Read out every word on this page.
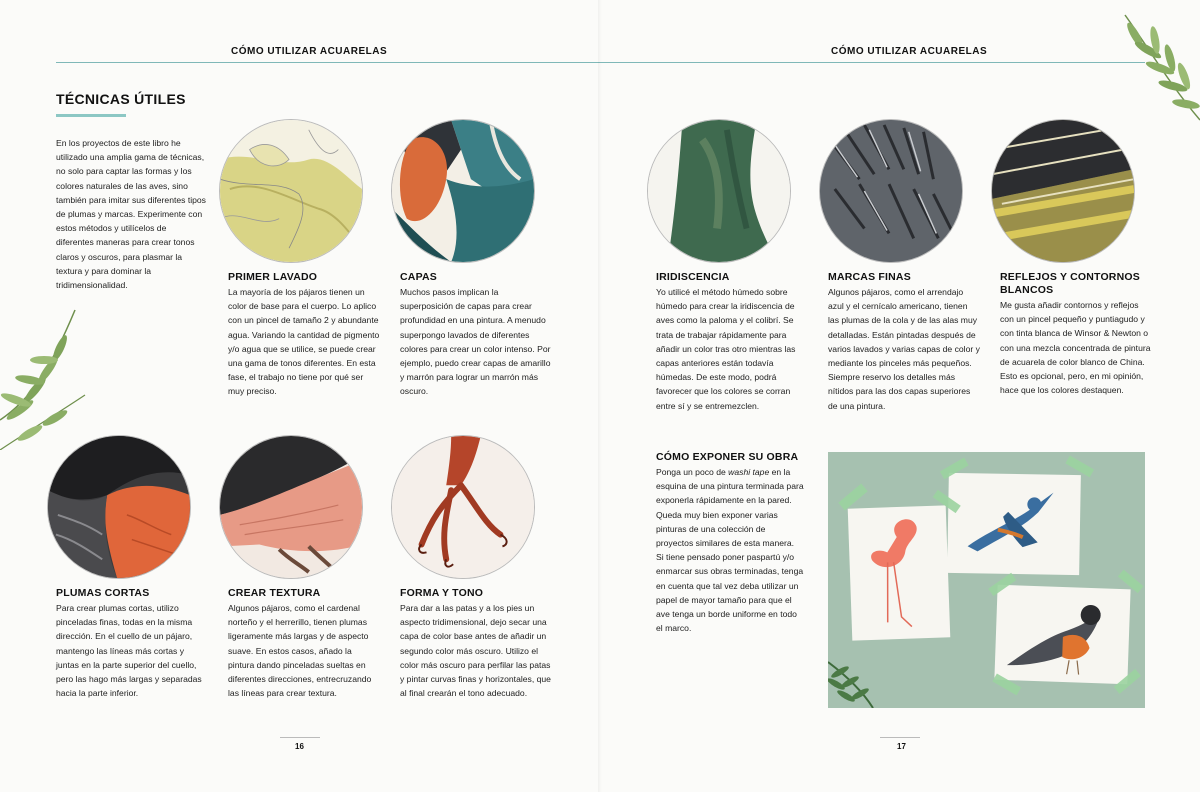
CÓMO UTILIZAR ACUARELAS
TÉCNICAS ÚTILES
En los proyectos de este libro he utilizado una amplia gama de técnicas, no solo para captar las formas y los colores naturales de las aves, sino también para imitar sus diferentes tipos de plumas y marcas. Experimente con estos métodos y utilícelos de diferentes maneras para crear tonos claros y oscuros, para plasmar la textura y para dominar la tridimensionalidad.
PRIMER LAVADO
La mayoría de los pájaros tienen un color de base para el cuerpo. Lo aplico con un pincel de tamaño 2 y abundante agua. Variando la cantidad de pigmento y/o agua que se utilice, se puede crear una gama de tonos diferentes. En esta fase, el trabajo no tiene por qué ser muy preciso.
CAPAS
Muchos pasos implican la superposición de capas para crear profundidad en una pintura. A menudo superpongo lavados de diferentes colores para crear un color intenso. Por ejemplo, puedo crear capas de amarillo y marrón para lograr un marrón más oscuro.
PLUMAS CORTAS
Para crear plumas cortas, utilizo pinceladas finas, todas en la misma dirección. En el cuello de un pájaro, mantengo las líneas más cortas y juntas en la parte superior del cuello, pero las hago más largas y separadas hacia la parte inferior.
CREAR TEXTURA
Algunos pájaros, como el cardenal norteño y el herrerillo, tienen plumas ligeramente más largas y de aspecto suave. En estos casos, añado la pintura dando pinceladas sueltas en diferentes direcciones, entrecruzando las líneas para crear textura.
FORMA Y TONO
Para dar a las patas y a los pies un aspecto tridimensional, dejo secar una capa de color base antes de añadir un segundo color más oscuro. Utilizo el color más oscuro para perfilar las patas y pintar curvas finas y horizontales, que al final crearán el tono adecuado.
16
CÓMO UTILIZAR ACUARELAS
IRIDISCENCIA
Yo utilicé el método húmedo sobre húmedo para crear la iridiscencia de aves como la paloma y el colibrí. Se trata de trabajar rápidamente para añadir un color tras otro mientras las capas anteriores están todavía húmedas. De este modo, podrá favorecer que los colores se corran entre sí y se entremezclen.
MARCAS FINAS
Algunos pájaros, como el arrendajo azul y el cernícalo americano, tienen las plumas de la cola y de las alas muy detalladas. Están pintadas después de varios lavados y varias capas de color y mediante los pinceles más pequeños. Siempre reservo los detalles más nítidos para las dos capas superiores de una pintura.
REFLEJOS Y CONTORNOS
BLANCOS
Me gusta añadir contornos y reflejos con un pincel pequeño y puntiagudo y con tinta blanca de Winsor & Newton o con una mezcla concentrada de pintura de acuarela de color blanco de China. Esto es opcional, pero, en mi opinión, hace que los colores destaquen.
CÓMO EXPONER SU OBRA
Ponga un poco de washi tape en la esquina de una pintura terminada para exponerla rápidamente en la pared. Queda muy bien exponer varias pinturas de una colección de proyectos similares de esta manera. Si tiene pensado poner paspartú y/o enmarcar sus obras terminadas, tenga en cuenta que tal vez deba utilizar un papel de mayor tamaño para que el ave tenga un borde uniforme en todo el marco.
17
